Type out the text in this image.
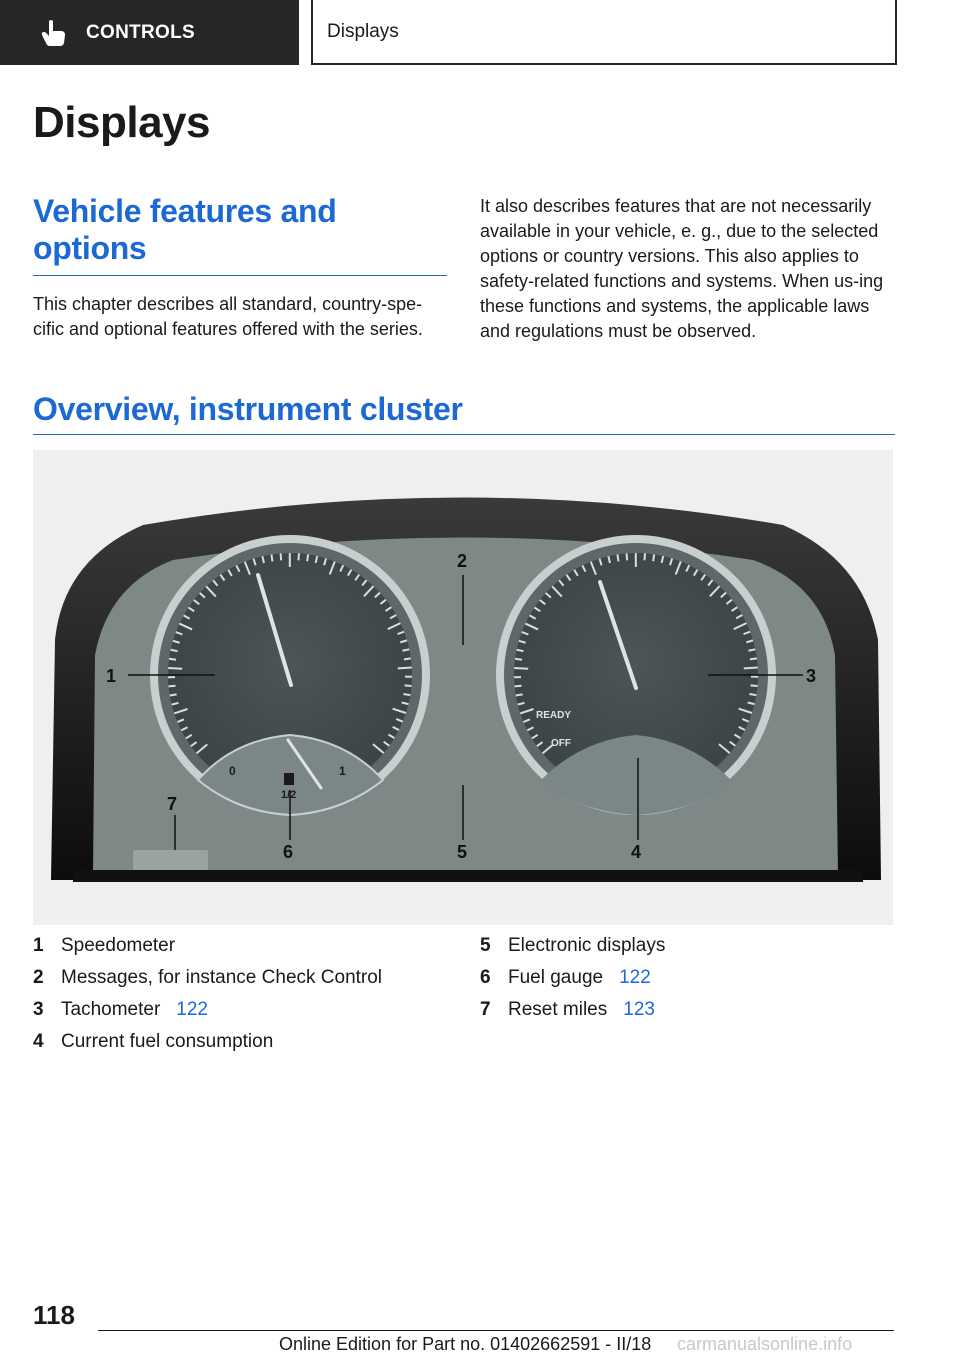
CONTROLS	Displays
Displays
Vehicle features and options

This chapter describes all standard, country-spe-cific and optional features offered with the series.

It also describes features that are not necessarily available in your vehicle, e. g., due to the selected options or country versions. This also applies to safety-related functions and systems. When us-ing these functions and systems, the applicable laws and regulations must be observed.

Overview, instrument cluster
0
1/2
1
READY
OFF
1
2
3
4
5
6
7
1 Speedometer
2 Messages, for instance Check Control
3 Tachometer 122
4 Current fuel consumption
5 Electronic displays
6 Fuel gauge 122
7 Reset miles 123
118
Online Edition for Part no. 01402662591 - II/18 carmanualsonline.info
